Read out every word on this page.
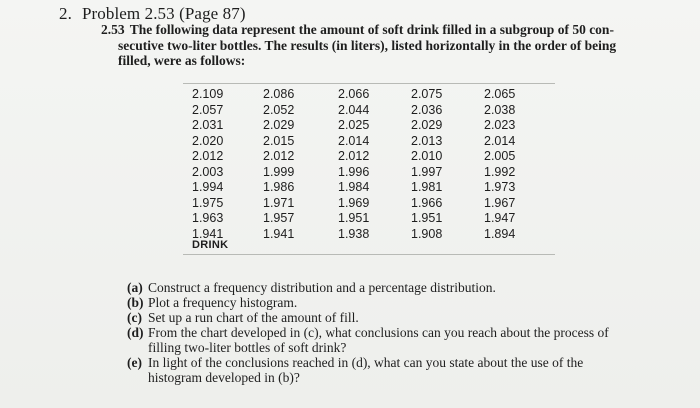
2. Problem 2.53 (Page 87)
2.53 The following data represent the amount of soft drink filled in a subgroup of 50 con-
secutive two-liter bottles. The results (in liters), listed horizontally in the order of being
filled, were as follows:
2.109
2.057
2.031
2.020
2.012
2.003
1.994
1.975
1.963
1.941
2.086
2.052
2.029
2.015
2.012
1.999
1.986
1.971
1.957
1.941
2.066
2.044
2.025
2.014
2.012
1.996
1.984
1.969
1.951
1.938
2.075
2.036
2.029
2.013
2.010
1.997
1.981
1.966
1.951
1.908
2.065
2.038
2.023
2.014
2.005
1.992
1.973
1.967
1.947
1.894
DRINK
(a) Construct a frequency distribution and a percentage distribution.
(b) Plot a frequency histogram.
(c) Set up a run chart of the amount of fill.
(d) From the chart developed in (c), what conclusions can you reach about the process of filling two-liter bottles of soft drink?
(e) In light of the conclusions reached in (d), what can you state about the use of the histogram developed in (b)?
